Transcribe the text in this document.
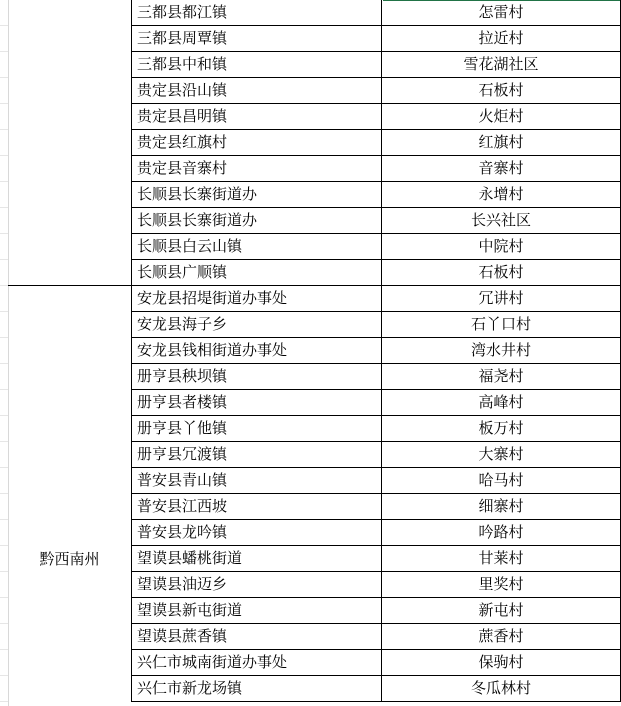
黔西南州
三都县都江镇	怎雷村
三都县周覃镇	拉近村
三都县中和镇	雪花湖社区
贵定县沿山镇	石板村
贵定县昌明镇	火炬村
贵定县红旗村	红旗村
贵定县音寨村	音寨村
长顺县长寨街道办	永增村
长顺县长寨街道办	长兴社区
长顺县白云山镇	中院村
长顺县广顺镇	石板村
安龙县招堤街道办事处	冗讲村
安龙县海子乡	石丫口村
安龙县钱相街道办事处	湾水井村
册亨县秧坝镇	福尧村
册亨县者楼镇	高峰村
册亨县丫他镇	板万村
册亨县冗渡镇	大寨村
普安县青山镇	哈马村
普安县江西坡	细寨村
普安县龙吟镇	吟路村
望谟县蟠桃街道	甘莱村
望谟县油迈乡	里奖村
望谟县新屯街道	新屯村
望谟县蔗香镇	蔗香村
兴仁市城南街道办事处	保驹村
兴仁市新龙场镇	冬瓜林村
